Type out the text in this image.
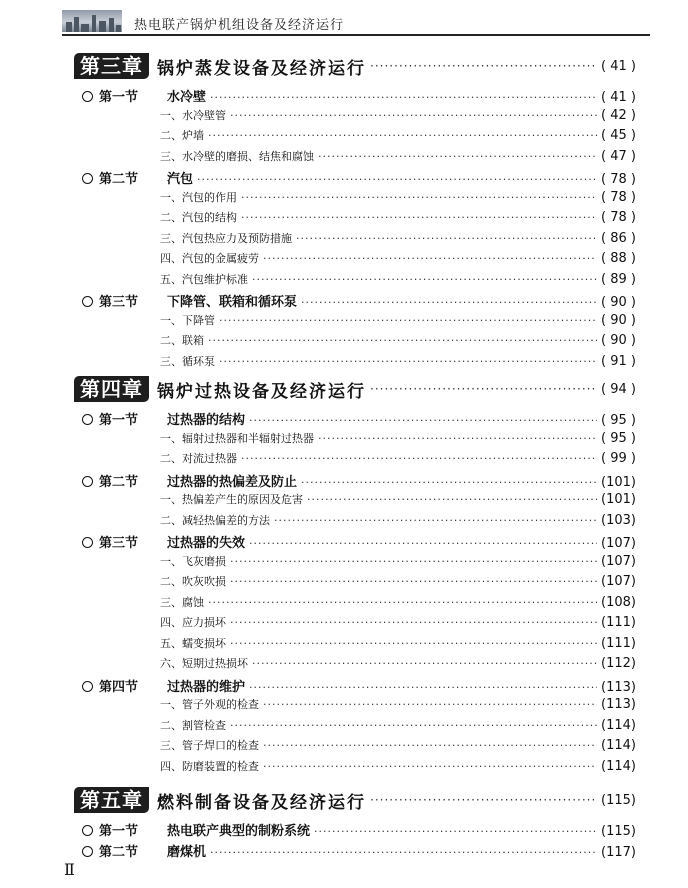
热电联产锅炉机组设备及经济运行
第三章 锅炉蒸发设备及经济运行 ·····	( 41 )
第一节	水冷壁 ·····	( 41 )
一、水冷壁管 ·····	( 42 )
二、炉墙 ·····	( 45 )
三、水冷壁的磨损、结焦和腐蚀 ·····	( 47 )
第二节	汽包 ·····	( 78 )
一、汽包的作用 ·····	( 78 )
二、汽包的结构 ·····	( 78 )
三、汽包热应力及预防措施 ·····	( 86 )
四、汽包的金属疲劳 ·····	( 88 )
五、汽包维护标准 ·····	( 89 )
第三节	下降管、联箱和循环泵 ·····	( 90 )
一、下降管 ·····	( 90 )
二、联箱 ·····	( 90 )
三、循环泵 ·····	( 91 )
第四章 锅炉过热设备及经济运行 ·····	( 94 )
第一节	过热器的结构 ·····	( 95 )
一、辐射过热器和半辐射过热器 ·····	( 95 )
二、对流过热器 ·····	( 99 )
第二节	过热器的热偏差及防止 ·····	(101)
一、热偏差产生的原因及危害 ·····	(101)
二、减轻热偏差的方法 ·····	(103)
第三节	过热器的失效 ·····	(107)
一、飞灰磨损 ·····	(107)
二、吹灰吹损 ·····	(107)
三、腐蚀 ·····	(108)
四、应力损坏 ·····	(111)
五、蠕变损坏 ·····	(111)
六、短期过热损坏 ·····	(112)
第四节	过热器的维护 ·····	(113)
一、管子外观的检查 ·····	(113)
二、割管检查 ·····	(114)
三、管子焊口的检查 ·····	(114)
四、防磨装置的检查 ·····	(114)
第五章 燃料制备设备及经济运行 ·····	(115)
第一节	热电联产典型的制粉系统 ·····	(115)
第二节	磨煤机 ·····	(117)
Ⅱ
